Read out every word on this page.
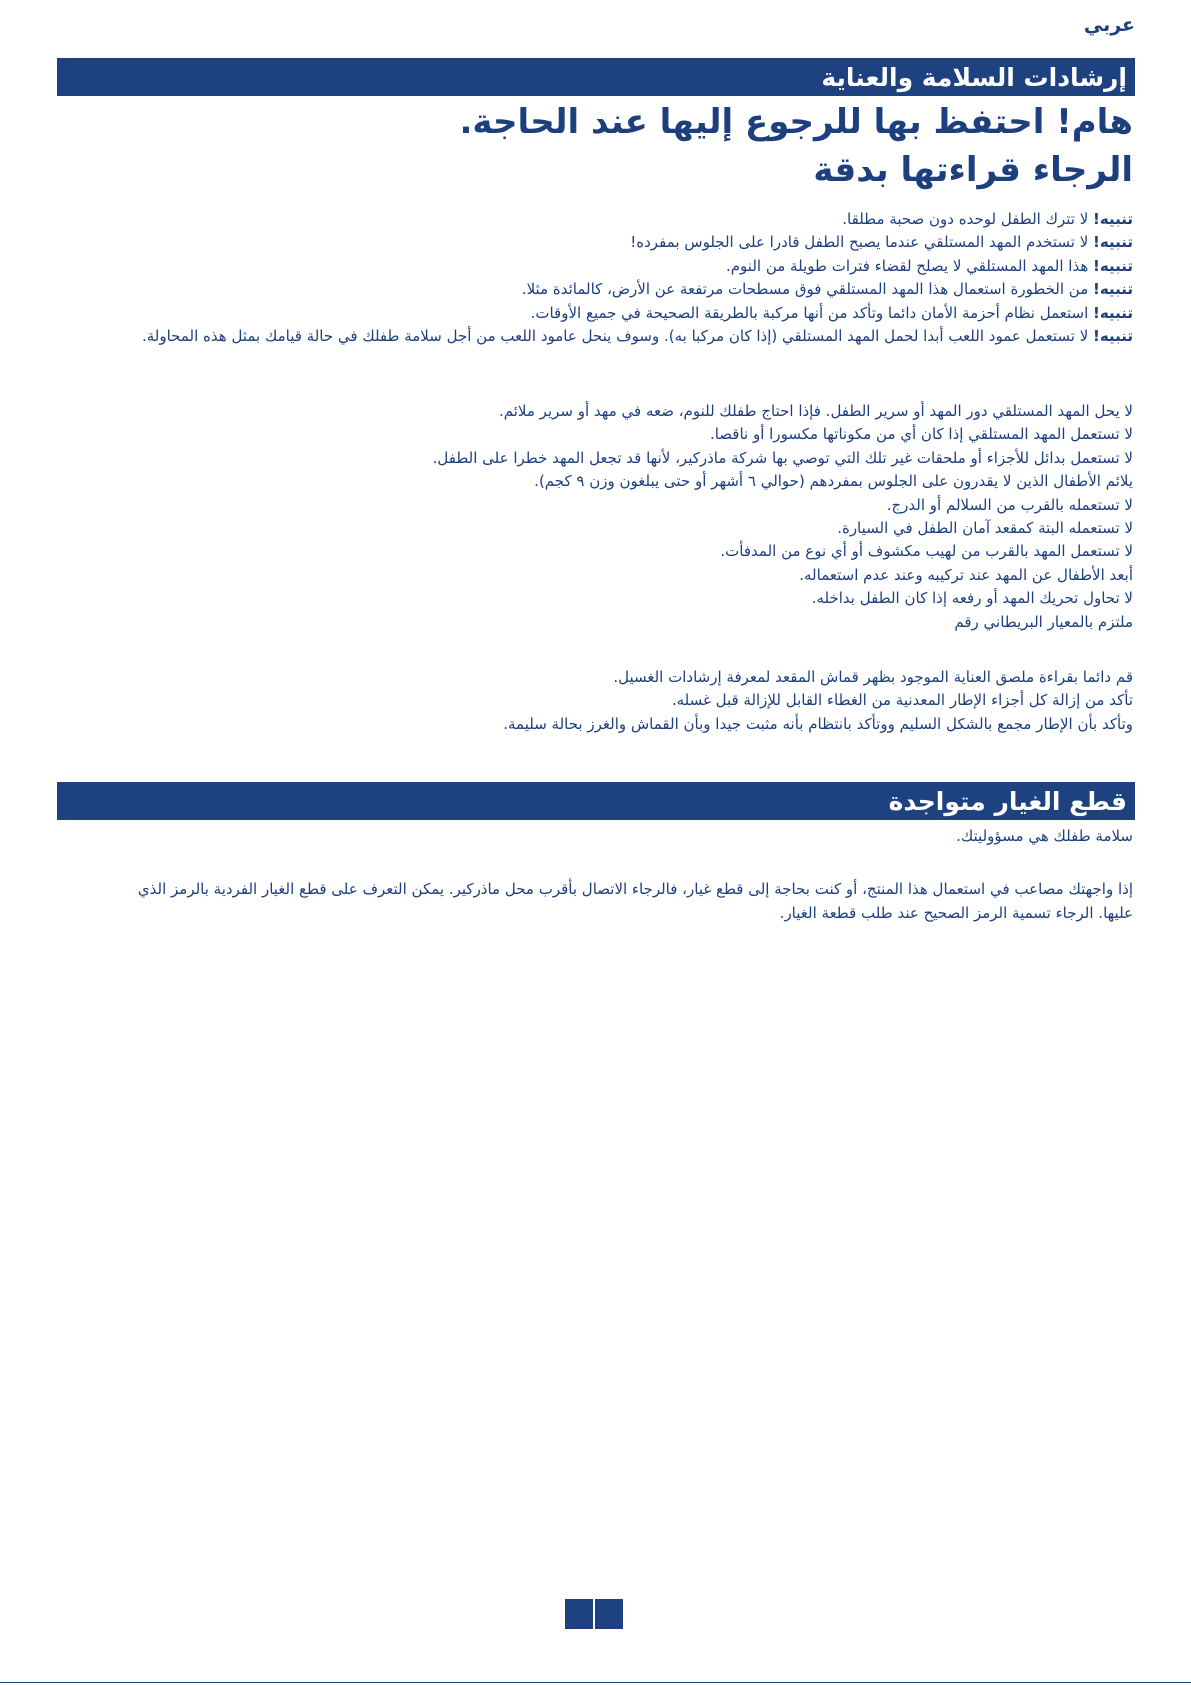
عربي
إرشادات السلامة والعناية
هام! احتفظ بها للرجوع إليها عند الحاجة.
الرجاء قراءتها بدقة

تنبيه! لا تترك الطفل لوحده دون صحبة مطلقا.

تنبيه! لا تستخدم المهد المستلقي عندما يصبح الطفل قادرا على الجلوس بمفرده!

تنبيه! هذا المهد المستلقي لا يصلح لقضاء فترات طويلة من النوم.

تنبيه! من الخطورة استعمال هذا المهد المستلقي فوق مسطحات مرتفعة عن الأرض، كالمائدة مثلا.

تنبيه! استعمل نظام أحزمة الأمان دائما وتأكد من أنها مركبة بالطريقة الصحيحة في جميع الأوقات.

تنبيه! لا تستعمل عمود اللعب أبدا لحمل المهد المستلقي (إذا كان مركبا به). وسوف ينحل عامود اللعب من أجل سلامة طفلك في حالة قيامك بمثل هذه المحاولة.

لا يحل المهد المستلقي دور المهد أو سرير الطفل. فإذا احتاج طفلك للنوم، ضعه في مهد أو سرير ملائم.

لا تستعمل المهد المستلقي إذا كان أي من مكوناتها مكسورا أو ناقصا.

لا تستعمل بدائل للأجزاء أو ملحقات غير تلك التي توصي بها شركة ماذركير، لأنها قد تجعل المهد خطرا على الطفل.

يلائم الأطفال الذين لا يقدرون على الجلوس بمفردهم (حوالي ٦ أشهر أو حتى يبلغون وزن ٩ كجم).

لا تستعمله بالقرب من السلالم أو الدرج.

لا تستعمله البتة كمقعد آمان الطفل في السيارة.

لا تستعمل المهد بالقرب من لهيب مكشوف أو أي نوع من المدفأت.

أبعد الأطفال عن المهد عند تركيبه وعند عدم استعماله.

لا تحاول تحريك المهد أو رفعه إذا كان الطفل بداخله.

ملتزم بالمعيار البريطاني رقم

قم دائما بقراءة ملصق العناية الموجود بظهر قماش المقعد لمعرفة إرشادات الغسيل.

تأكد من إزالة كل أجزاء الإطار المعدنية من الغطاء القابل للإزالة قبل غسله.

وتأكد بأن الإطار مجمع بالشكل السليم ووتأكد بانتظام بأنه مثبت جيدا وبأن القماش والغرز بحالة سليمة.

قطع الغيار متواجدة

سلامة طفلك هي مسؤوليتك.

إذا واجهتك مصاعب في استعمال هذا المنتج، أو كنت بحاجة إلى قطع غيار، فالرجاء الاتصال بأقرب محل ماذركير. يمكن التعرف على قطع الغيار الفردية بالرمز الذي عليها. الرجاء تسمية الرمز الصحيح عند طلب قطعة الغيار.
